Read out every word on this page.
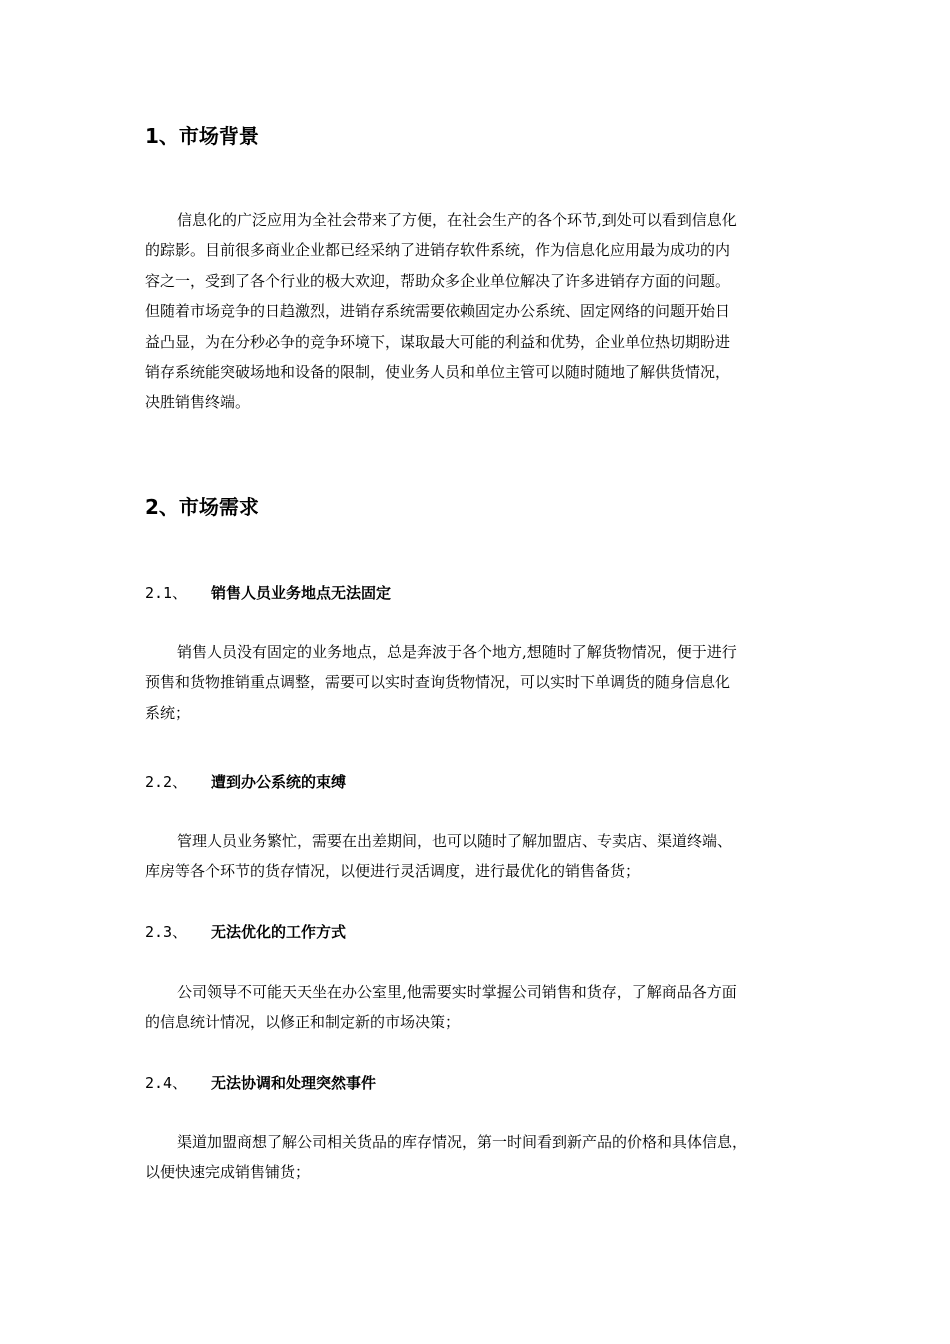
1、市场背景
信息化的广泛应用为全社会带来了方便，在社会生产的各个环节,到处可以看到信息化
的踪影。目前很多商业企业都已经采纳了进销存软件系统，作为信息化应用最为成功的内
容之一，受到了各个行业的极大欢迎，帮助众多企业单位解决了许多进销存方面的问题。
但随着市场竞争的日趋激烈，进销存系统需要依赖固定办公系统、固定网络的问题开始日
益凸显，为在分秒必争的竞争环境下，谋取最大可能的利益和优势，企业单位热切期盼进
销存系统能突破场地和设备的限制，使业务人员和单位主管可以随时随地了解供货情况，
决胜销售终端。
2、市场需求
2.1、	销售人员业务地点无法固定
销售人员没有固定的业务地点，总是奔波于各个地方,想随时了解货物情况，便于进行
预售和货物推销重点调整，需要可以实时查询货物情况，可以实时下单调货的随身信息化
系统；
2.2、	遭到办公系统的束缚
管理人员业务繁忙，需要在出差期间，也可以随时了解加盟店、专卖店、渠道终端、
库房等各个环节的货存情况，以便进行灵活调度，进行最优化的销售备货；
2.3、	无法优化的工作方式
公司领导不可能天天坐在办公室里,他需要实时掌握公司销售和货存，了解商品各方面
的信息统计情况，以修正和制定新的市场决策；
2.4、	无法协调和处理突然事件
渠道加盟商想了解公司相关货品的库存情况，第一时间看到新产品的价格和具体信息，
以便快速完成销售铺货；
